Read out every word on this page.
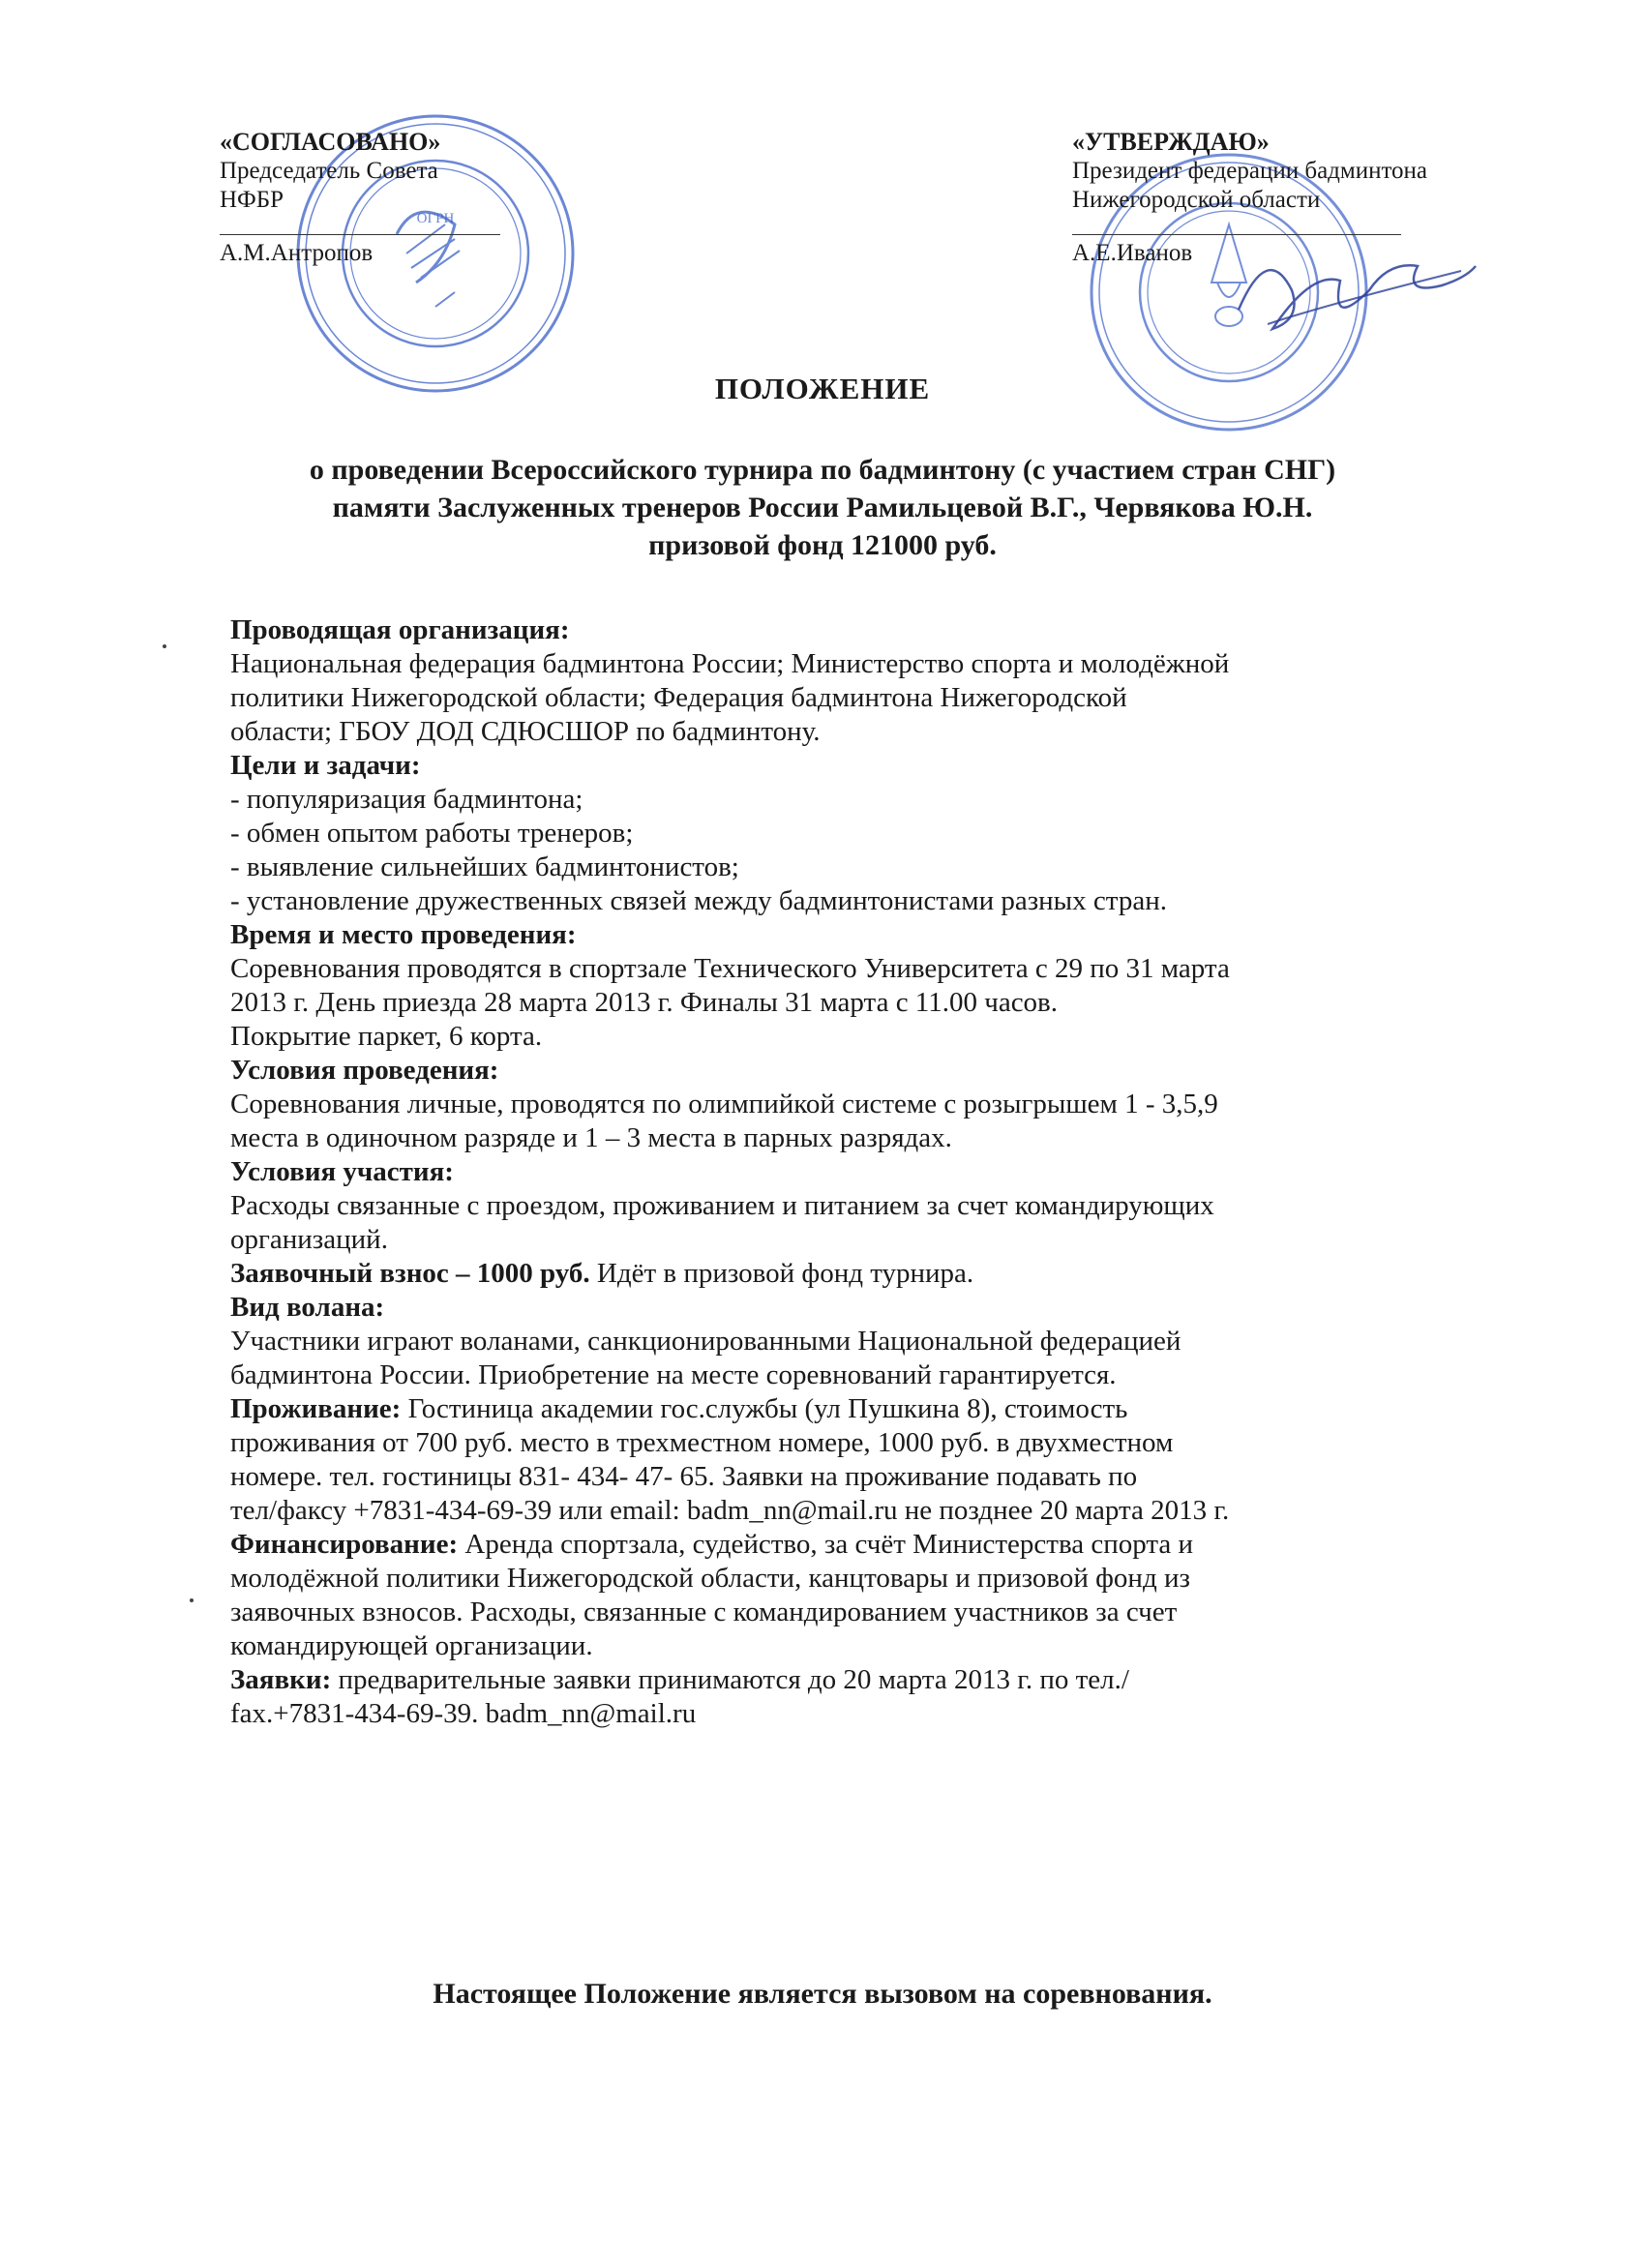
ОГРН
«СОГЛАСОВАНО»
Председатель Совета
НФБР
А.М.Антропов
«УТВЕРЖДАЮ»
Президент федерации бадминтона
Нижегородской области
А.Е.Иванов
ПОЛОЖЕНИЕ
о проведении Всероссийского турнира по бадминтону (с участием стран СНГ)
памяти Заслуженных тренеров России Рамильцевой В.Г., Червякова Ю.Н.
призовой фонд 121000 руб.
Проводящая организация:
Национальная федерация бадминтона России; Министерство спорта и молодёжной
политики Нижегородской области; Федерация бадминтона Нижегородской
области; ГБОУ ДОД СДЮСШОР по бадминтону.
Цели и задачи:
- популяризация бадминтона;
- обмен опытом работы тренеров;
- выявление сильнейших бадминтонистов;
- установление дружественных связей между бадминтонистами разных стран.
Время и место проведения:
Соревнования проводятся в спортзале Технического Университета с 29 по 31 марта
2013 г. День приезда 28 марта 2013 г. Финалы 31 марта с 11.00 часов.
Покрытие паркет, 6 корта.
Условия проведения:
Соревнования личные, проводятся по олимпийкой системе с розыгрышем 1 - 3,5,9
места в одиночном разряде и 1 – 3 места в парных разрядах.
Условия участия:
Расходы связанные с проездом, проживанием и питанием за счет командирующих
организаций.
Заявочный взнос – 1000 руб. Идёт в призовой фонд турнира.
Вид волана:
Участники играют воланами, санкционированными Национальной федерацией
бадминтона России. Приобретение на месте соревнований гарантируется.
Проживание: Гостиница академии гос.службы (ул Пушкина 8), стоимость
проживания от 700 руб. место в трехместном номере, 1000 руб. в двухместном
номере. тел. гостиницы 831- 434- 47- 65. Заявки на проживание подавать по
тел/факсу +7831-434-69-39 или email: badm_nn@mail.ru не позднее 20 марта 2013 г.
Финансирование: Аренда спортзала, судейство, за счёт Министерства спорта и
молодёжной политики Нижегородской области, канцтовары и призовой фонд из
заявочных взносов. Расходы, связанные с командированием участников за счет
командирующей организации.
Заявки: предварительные заявки принимаются до 20 марта 2013 г. по тел./
fax.+7831-434-69-39. badm_nn@mail.ru
Настоящее Положение является вызовом на соревнования.
